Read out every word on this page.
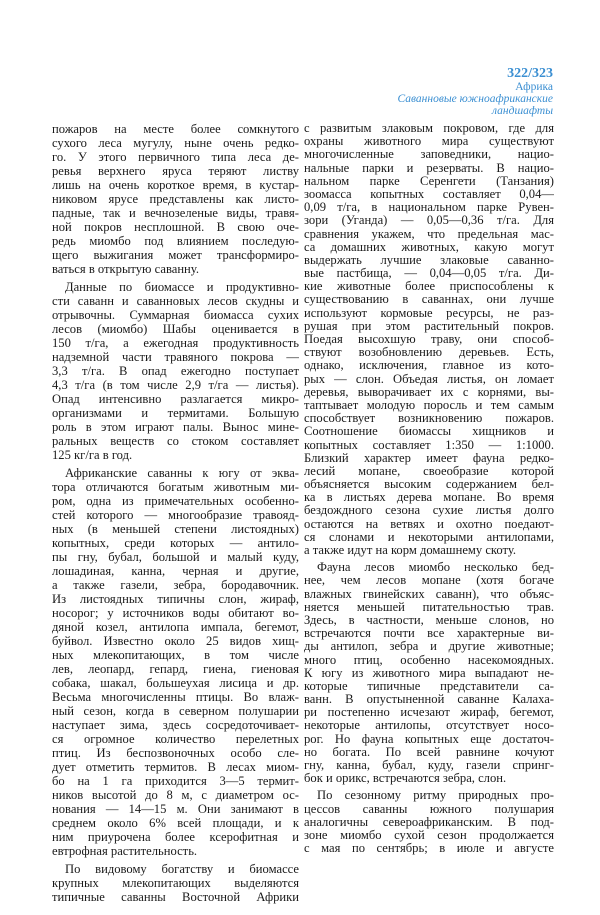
322/323
Африка
Саванновые южноафриканские
ландшафты
пожаров на месте более сомкнутого
сухого леса мугулу, ныне очень редко-
го. У этого первичного типа леса де-
ревья верхнего яруса теряют листву
лишь на очень короткое время, в кустар-
никовом ярусе представлены как листо-
падные, так и вечнозеленые виды, травя-
ной покров несплошной. В свою оче-
редь миомбо под влиянием последую-
щего выжигания может трансформиро-
ваться в открытую саванну.
Данные по биомассе и продуктивно-
сти саванн и саванновых лесов скудны и
отрывочны. Суммарная биомасса сухих
лесов (миомбо) Шабы оценивается в
150 т/га, а ежегодная продуктивность
надземной части травяного покрова —
3,3 т/га. В опад ежегодно поступает
4,3 т/га (в том числе 2,9 т/га — листья).
Опад интенсивно разлагается микро-
организмами и термитами. Большую
роль в этом играют палы. Вынос мине-
ральных веществ со стоком составляет
125 кг/га в год.
Африканские саванны к югу от эква-
тора отличаются богатым животным ми-
ром, одна из примечательных особенно-
стей которого — многообразие травояд-
ных (в меньшей степени листоядных)
копытных, среди которых — антило-
пы гну, бубал, большой и малый куду,
лошадиная, канна, черная и другие,
а также газели, зебра, бородавочник.
Из листоядных типичны слон, жираф,
носорог; у источников воды обитают во-
дяной козел, антилопа импала, бегемот,
буйвол. Известно около 25 видов хищ-
ных млекопитающих, в том числе
лев, леопард, гепард, гиена, гиеновая
собака, шакал, большеухая лисица и др.
Весьма многочисленны птицы. Во влаж-
ный сезон, когда в северном полушарии
наступает зима, здесь сосредоточивает-
ся огромное количество перелетных
птиц. Из беспозвоночных особо сле-
дует отметить термитов. В лесах миом-
бо на 1 га приходится 3—5 термит-
ников высотой до 8 м, с диаметром ос-
нования — 14—15 м. Они занимают в
среднем около 6% всей площади, и к
ним приурочена более ксерофитная и
евтрофная растительность.
По видовому богатству и биомассе
крупных млекопитающих выделяются
типичные саванны Восточной Африки
с развитым злаковым покровом, где для
охраны животного мира существуют
многочисленные заповедники, нацио-
нальные парки и резерваты. В нацио-
нальном парке Серенгети (Танзания)
зоомасса копытных составляет 0,04—
0,09 т/га, в национальном парке Рувен-
зори (Уганда) — 0,05—0,36 т/га. Для
сравнения укажем, что предельная мас-
са домашних животных, какую могут
выдержать лучшие злаковые саванно-
вые пастбища, — 0,04—0,05 т/га. Ди-
кие животные более приспособлены к
существованию в саваннах, они лучше
используют кормовые ресурсы, не раз-
рушая при этом растительный покров.
Поедая высохшую траву, они способ-
ствуют возобновлению деревьев. Есть,
однако, исключения, главное из кото-
рых — слон. Объедая листья, он ломает
деревья, выворачивает их с корнями, вы-
таптывает молодую поросль и тем самым
способствует возникновению пожаров.
Соотношение биомассы хищников и
копытных составляет 1:350 — 1:1000.
Близкий характер имеет фауна редко-
лесий мопане, своеобразие которой
объясняется высоким содержанием бел-
ка в листьях дерева мопане. Во время
бездождного сезона сухие листья долго
остаются на ветвях и охотно поедают-
ся слонами и некоторыми антилопами,
а также идут на корм домашнему скоту.
Фауна лесов миомбо несколько бед-
нее, чем лесов мопане (хотя богаче
влажных гвинейских саванн), что объяс-
няется меньшей питательностью трав.
Здесь, в частности, меньше слонов, но
встречаются почти все характерные ви-
ды антилоп, зебра и другие животные;
много птиц, особенно насекомоядных.
К югу из животного мира выпадают не-
которые типичные представители са-
ванн. В опустыненной саванне Калаха-
ри постепенно исчезают жираф, бегемот,
некоторые антилопы, отсутствует носо-
рог. Но фауна копытных еще достаточ-
но богата. По всей равнине кочуют
гну, канна, бубал, куду, газели спринг-
бок и орикс, встречаются зебра, слон.
По сезонному ритму природных про-
цессов саванны южного полушария
аналогичны североафриканским. В под-
зоне миомбо сухой сезон продолжается
с мая по сентябрь; в июле и августе
